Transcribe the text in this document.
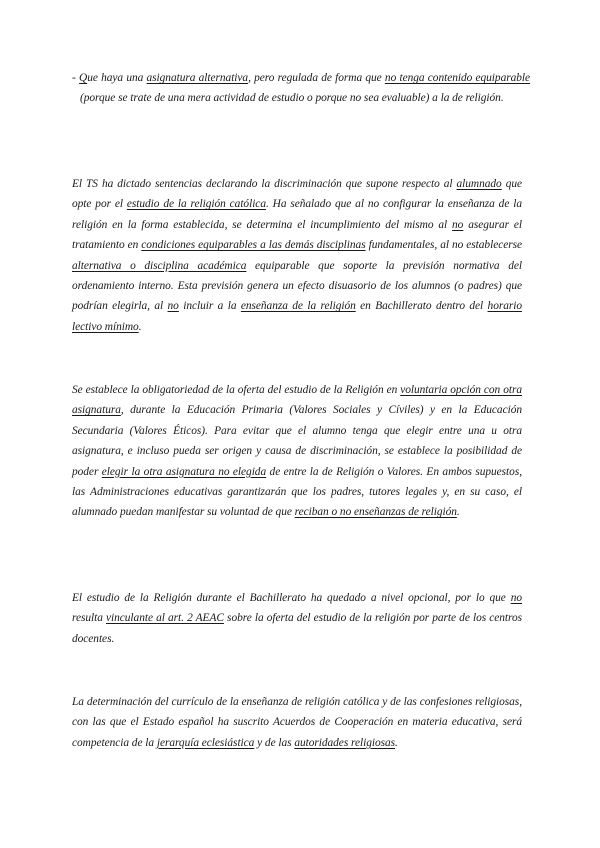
- Que haya una asignatura alternativa, pero regulada de forma que no tenga contenido equiparable (porque se trate de una mera actividad de estudio o porque no sea evaluable) a la de religión.
El TS ha dictado sentencias declarando la discriminación que supone respecto al alumnado que opte por el estudio de la religión católica. Ha señalado que al no configurar la enseñanza de la religión en la forma establecida, se determina el incumplimiento del mismo al no asegurar el tratamiento en condiciones equiparables a las demás disciplinas fundamentales, al no establecerse alternativa o disciplina académica equiparable que soporte la previsión normativa del ordenamiento interno. Esta previsión genera un efecto disuasorio de los alumnos (o padres) que podrían elegirla, al no incluir a la enseñanza de la religión en Bachillerato dentro del horario lectivo mínimo.
Se establece la obligatoriedad de la oferta del estudio de la Religión en voluntaria opción con otra asignatura, durante la Educación Primaria (Valores Sociales y Cíviles) y en la Educación Secundaria (Valores Éticos). Para evitar que el alumno tenga que elegir entre una u otra asignatura, e incluso pueda ser origen y causa de discriminación, se establece la posibilidad de poder elegir la otra asignatura no elegida de entre la de Religión o Valores. En ambos supuestos, las Administraciones educativas garantizarán que los padres, tutores legales y, en su caso, el alumnado puedan manifestar su voluntad de que reciban o no enseñanzas de religión.
El estudio de la Religión durante el Bachillerato ha quedado a nivel opcional, por lo que no resulta vinculante al art. 2 AEAC sobre la oferta del estudio de la religión por parte de los centros docentes.
La determinación del currículo de la enseñanza de religión católica y de las confesiones religiosas, con las que el Estado español ha suscrito Acuerdos de Cooperación en materia educativa, será competencia de la jerarquía eclesiástica y de las autoridades religiosas.
